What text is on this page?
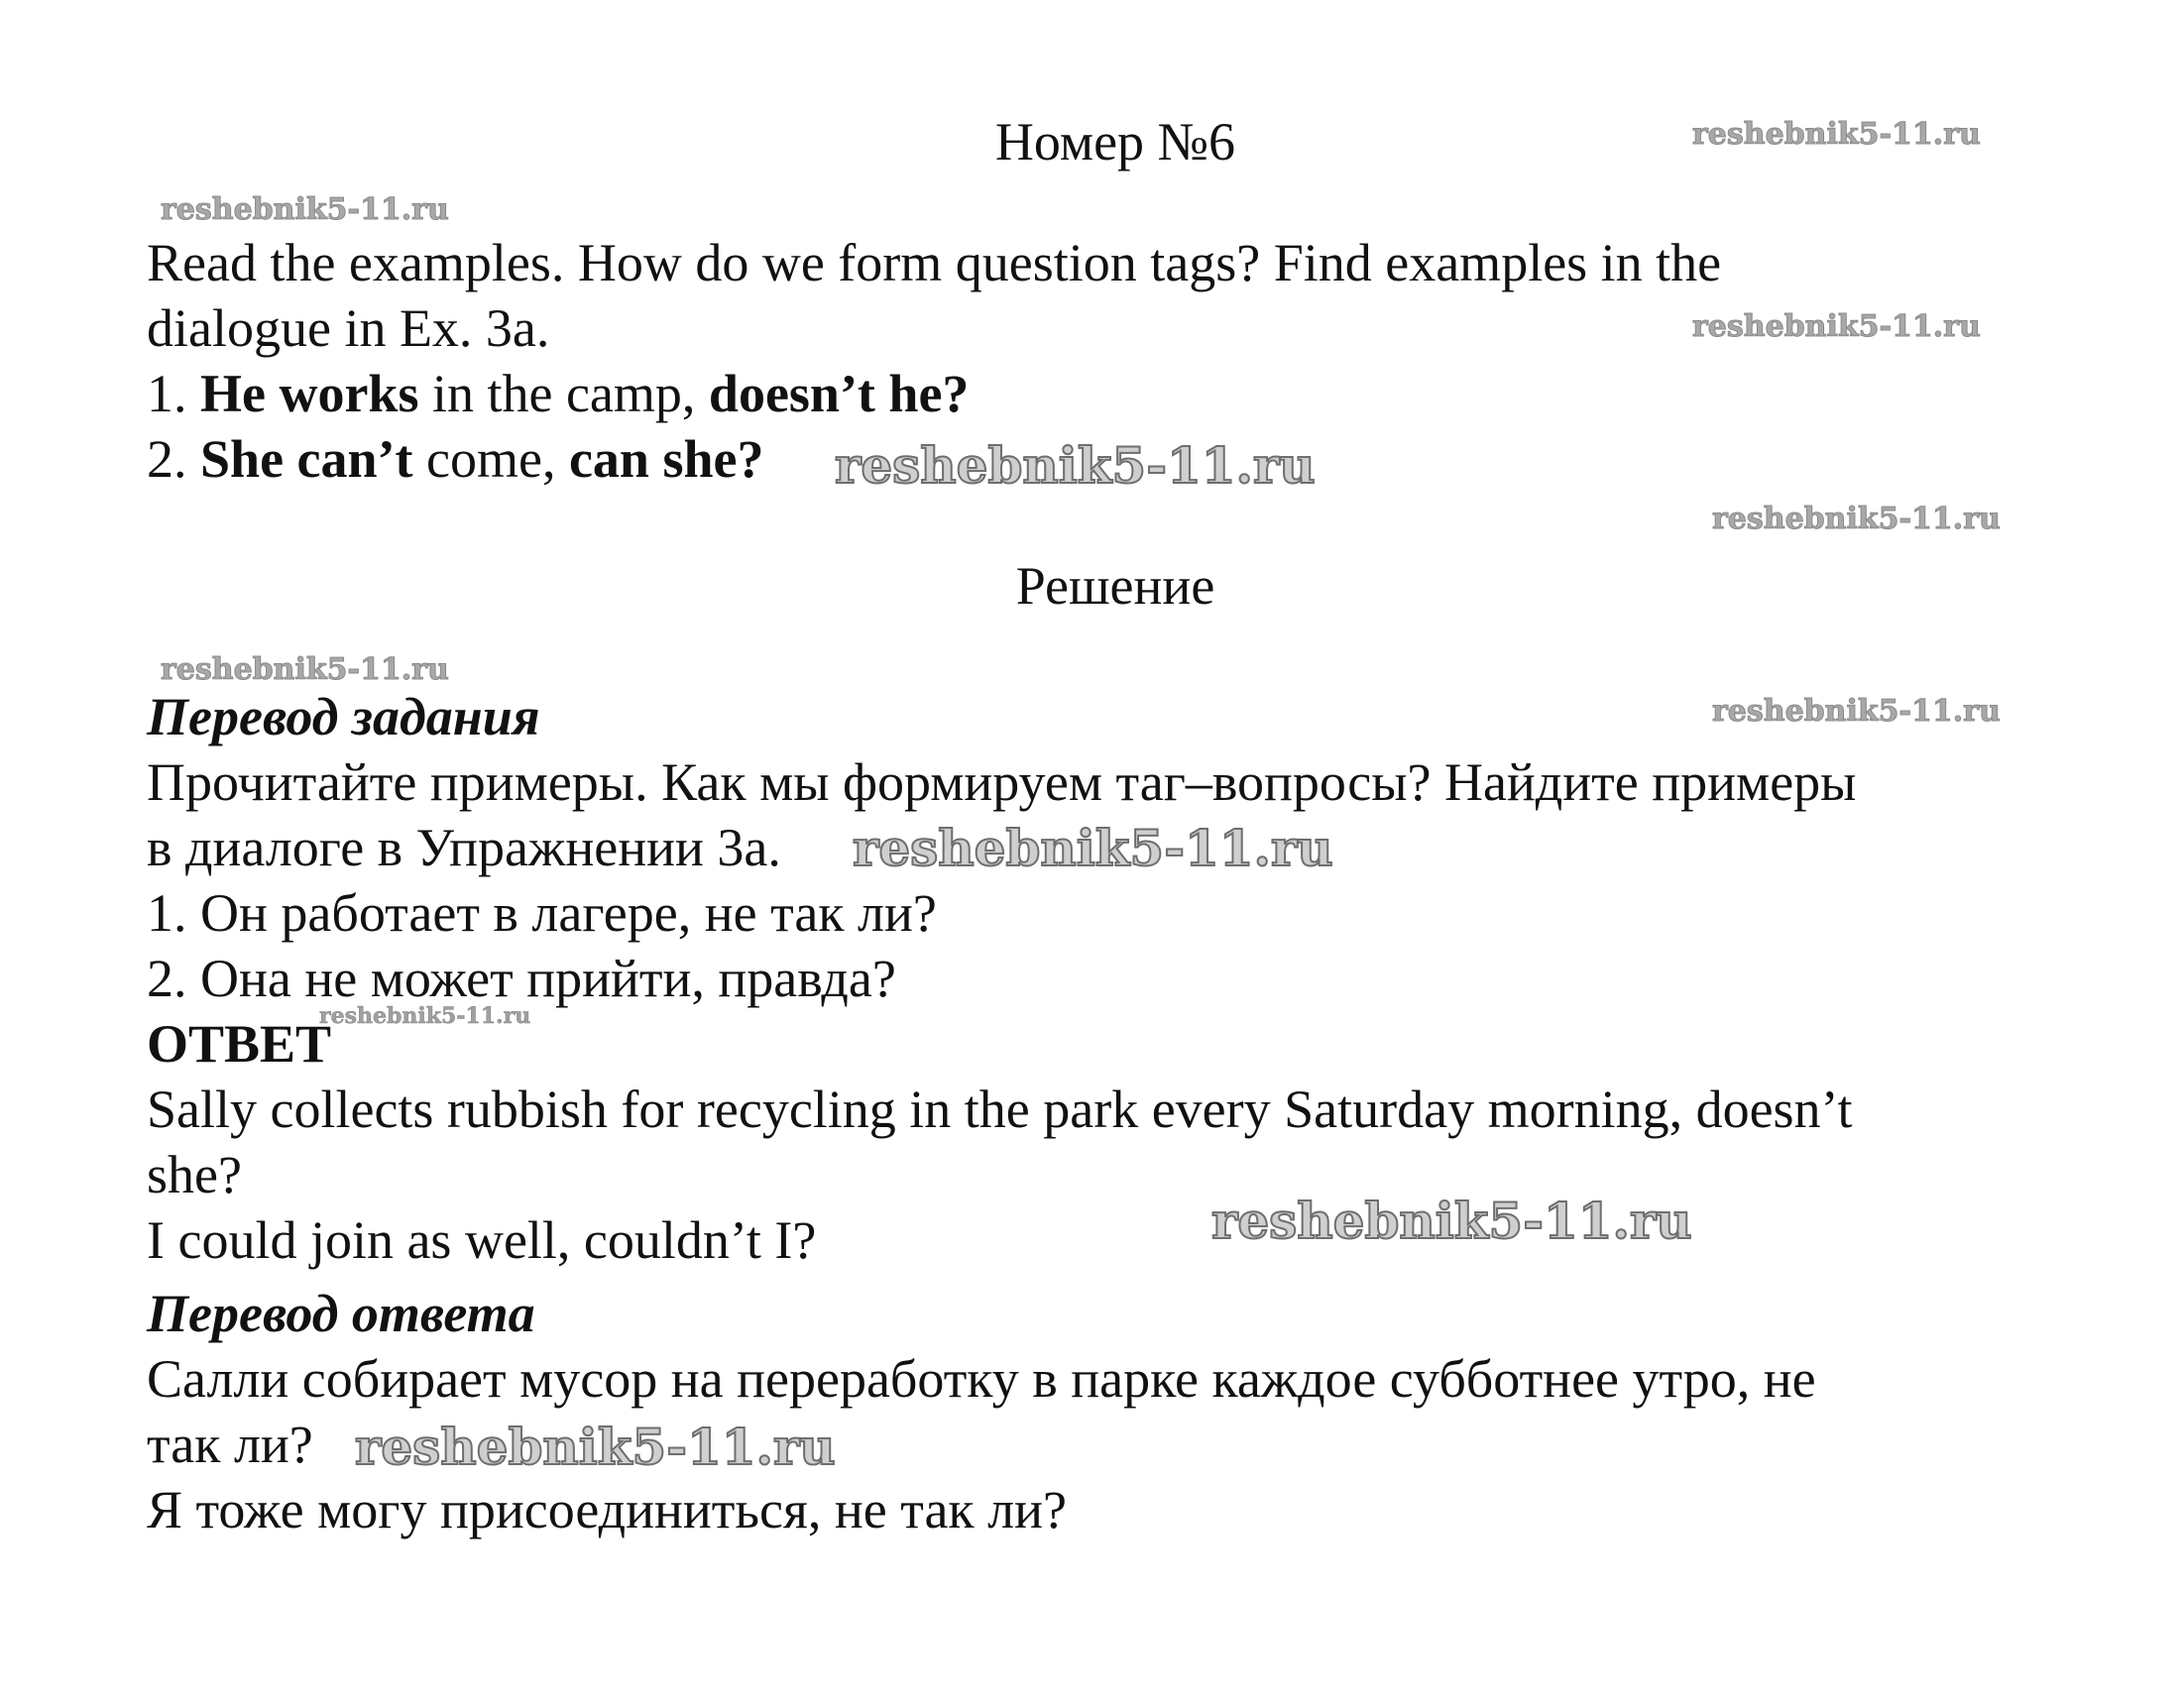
Номер №6
Read the examples. How do we form question tags? Find examples in the
dialogue in Ex. 3a.
1. He works in the camp, doesn’t he?
2. She can’t come, can she?
Решение
Перевод задания
Прочитайте примеры. Как мы формируем таг–вопросы? Найдите примеры
в диалоге в Упражнении 3а.
1. Он работает в лагере, не так ли?
2. Она не может прийти, правда?
ОТВЕТ
Sally collects rubbish for recycling in the park every Saturday morning, doesn’t
she?
I could join as well, couldn’t I?
Перевод ответа
Салли собирает мусор на переработку в парке каждое субботнее утро, не
так ли?
Я тоже могу присоединиться, не так ли?
reshebnik5-11.ru
reshebnik5-11.ru
reshebnik5-11.ru
reshebnik5-11.ru
reshebnik5-11.ru
reshebnik5-11.ru
reshebnik5-11.ru
reshebnik5-11.ru
reshebnik5-11.ru
reshebnik5-11.ru
reshebnik5-11.ru
